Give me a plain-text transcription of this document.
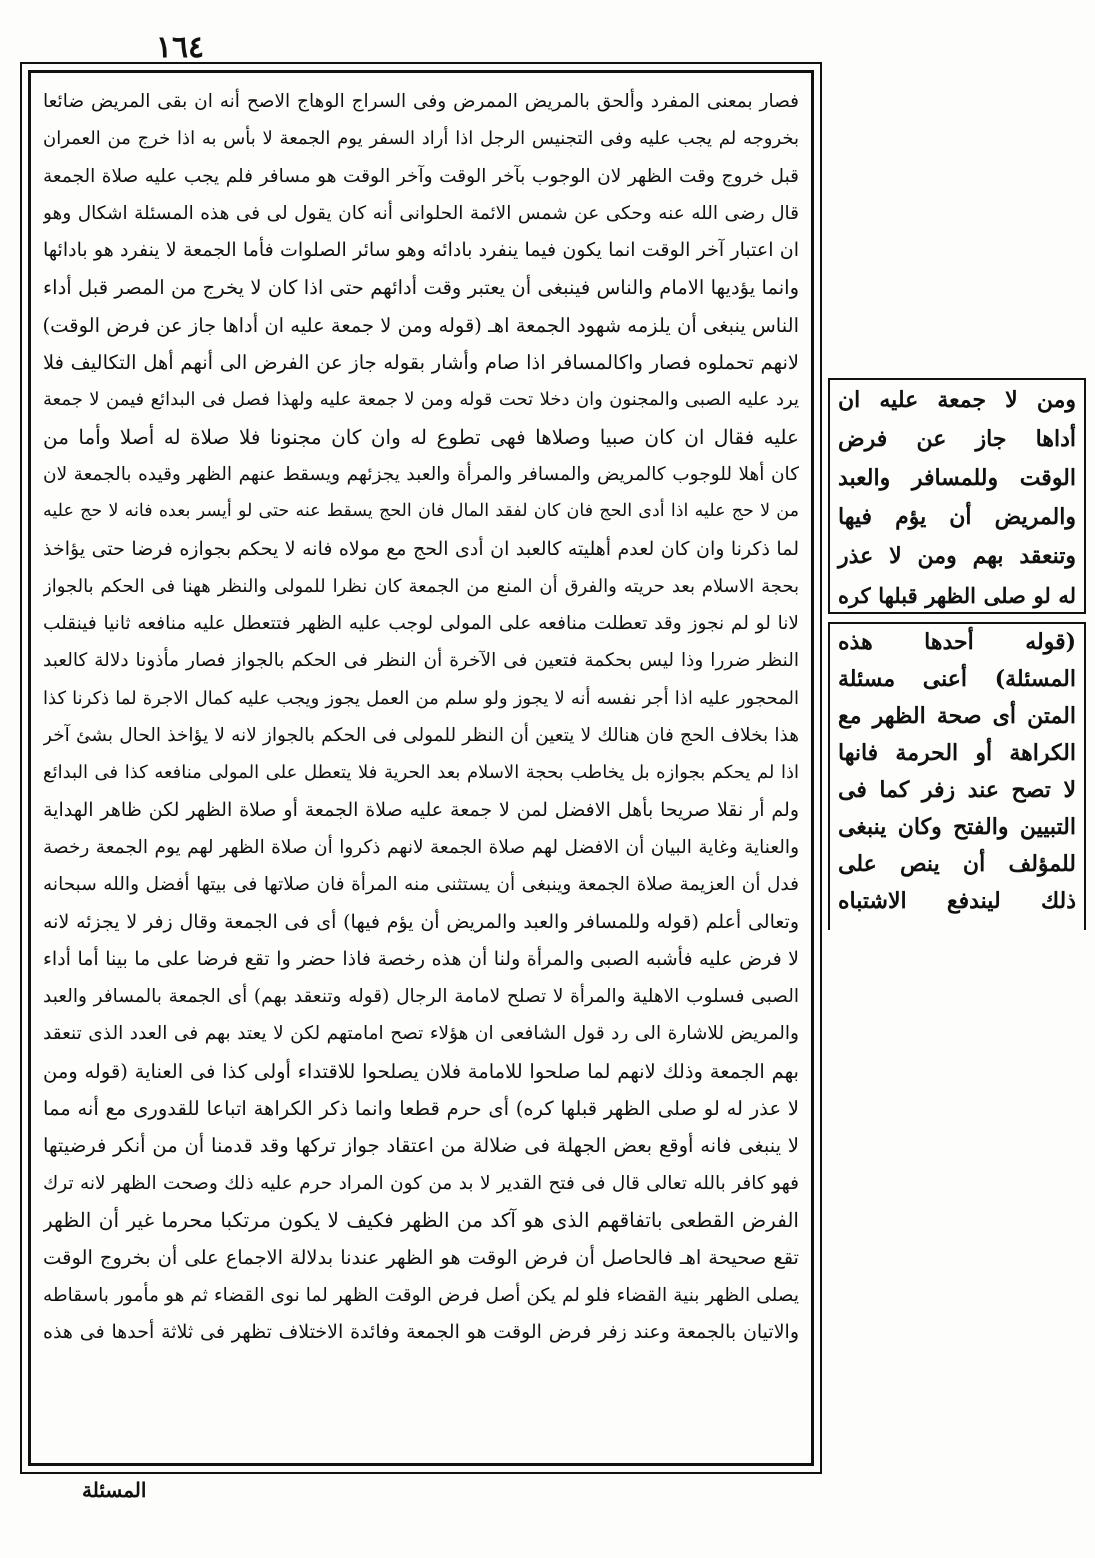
١٦٤
فصار بمعنى المفرد وألحق بالمريض الممرض وفى السراج الوهاج الاصح أنه ان بقى المريض ضائعا
بخروجه لم يجب عليه وفى التجنيس الرجل اذا أراد السفر يوم الجمعة لا بأس به اذا خرج من العمران
قبل خروج وقت الظهر لان الوجوب بآخر الوقت وآخر الوقت هو مسافر فلم يجب عليه صلاة الجمعة
قال رضى الله عنه وحكى عن شمس الائمة الحلوانى أنه كان يقول لى فى هذه المسئلة اشكال وهو
ان اعتبار آخر الوقت انما يكون فيما ينفرد بادائه وهو سائر الصلوات فأما الجمعة لا ينفرد هو بادائها
وانما يؤديها الامام والناس فينبغى أن يعتبر وقت أدائهم حتى اذا كان لا يخرج من المصر قبل أداء
الناس ينبغى أن يلزمه شهود الجمعة اهـ (قوله ومن لا جمعة عليه ان أداها جاز عن فرض الوقت)
لانهم تحملوه فصار واكالمسافر اذا صام وأشار بقوله جاز عن الفرض الى أنهم أهل التكاليف فلا
يرد عليه الصبى والمجنون وان دخلا تحت قوله ومن لا جمعة عليه ولهذا فصل فى البدائع فيمن لا جمعة
عليه فقال ان كان صبيا وصلاها فهى تطوع له وان كان مجنونا فلا صلاة له أصلا وأما من
كان أهلا للوجوب كالمريض والمسافر والمرأة والعبد يجزئهم ويسقط عنهم الظهر وقيده بالجمعة لان
من لا حج عليه اذا أدى الحج فان كان لفقد المال فان الحج يسقط عنه حتى لو أيسر بعده فانه لا حج عليه
لما ذكرنا وان كان لعدم أهليته كالعبد ان أدى الحج مع مولاه فانه لا يحكم بجوازه فرضا حتى يؤاخذ
بحجة الاسلام بعد حريته والفرق أن المنع من الجمعة كان نظرا للمولى والنظر ههنا فى الحكم بالجواز
لانا لو لم نجوز وقد تعطلت منافعه على المولى لوجب عليه الظهر فتتعطل عليه منافعه ثانيا فينقلب
النظر ضررا وذا ليس بحكمة فتعين فى الآخرة أن النظر فى الحكم بالجواز فصار مأذونا دلالة كالعبد
المحجور عليه اذا أجر نفسه أنه لا يجوز ولو سلم من العمل يجوز ويجب عليه كمال الاجرة لما ذكرنا كذا
هذا بخلاف الحج فان هنالك لا يتعين أن النظر للمولى فى الحكم بالجواز لانه لا يؤاخذ الحال بشئ آخر
اذا لم يحكم بجوازه بل يخاطب بحجة الاسلام بعد الحرية فلا يتعطل على المولى منافعه كذا فى البدائع
ولم أر نقلا صريحا بأهل الافضل لمن لا جمعة عليه صلاة الجمعة أو صلاة الظهر لكن ظاهر الهداية
والعناية وغاية البيان أن الافضل لهم صلاة الجمعة لانهم ذكروا أن صلاة الظهر لهم يوم الجمعة رخصة
فدل أن العزيمة صلاة الجمعة وينبغى أن يستثنى منه المرأة فان صلاتها فى بيتها أفضل والله سبحانه
وتعالى أعلم (قوله وللمسافر والعبد والمريض أن يؤم فيها) أى فى الجمعة وقال زفر لا يجزئه لانه
لا فرض عليه فأشبه الصبى والمرأة ولنا أن هذه رخصة فاذا حضر وا تقع فرضا على ما بينا أما أداء
الصبى فسلوب الاهلية والمرأة لا تصلح لامامة الرجال (قوله وتنعقد بهم) أى الجمعة بالمسافر والعبد
والمريض للاشارة الى رد قول الشافعى ان هؤلاء تصح امامتهم لكن لا يعتد بهم فى العدد الذى تنعقد
بهم الجمعة وذلك لانهم لما صلحوا للامامة فلان يصلحوا للاقتداء أولى كذا فى العناية (قوله ومن
لا عذر له لو صلى الظهر قبلها كره) أى حرم قطعا وانما ذكر الكراهة اتباعا للقدورى مع أنه مما
لا ينبغى فانه أوقع بعض الجهلة فى ضلالة من اعتقاد جواز تركها وقد قدمنا أن من أنكر فرضيتها
فهو كافر بالله تعالى قال فى فتح القدير لا بد من كون المراد حرم عليه ذلك وصحت الظهر لانه ترك
الفرض القطعى باتفاقهم الذى هو آكد من الظهر فكيف لا يكون مرتكبا محرما غير أن الظهر
تقع صحيحة اهـ فالحاصل أن فرض الوقت هو الظهر عندنا بدلالة الاجماع على أن بخروج الوقت
يصلى الظهر بنية القضاء فلو لم يكن أصل فرض الوقت الظهر لما نوى القضاء ثم هو مأمور باسقاطه
والاتيان بالجمعة وعند زفر فرض الوقت هو الجمعة وفائدة الاختلاف تظهر فى ثلاثة أحدها فى هذه
المسئلة
ومن لا جمعة عليه ان
أداها جاز عن فرض
الوقت وللمسافر والعبد
والمريض أن يؤم فيها
وتنعقد بهم ومن لا عذر
له لو صلى الظهر قبلها كره
(قوله أحدها هذه
المسئلة) أعنى مسئلة
المتن أى صحة الظهر مع
الكراهة أو الحرمة فانها
لا تصح عند زفر كما فى
التبيين والفتح وكان ينبغى
للمؤلف أن ينص على
ذلك ليندفع الاشتباه
